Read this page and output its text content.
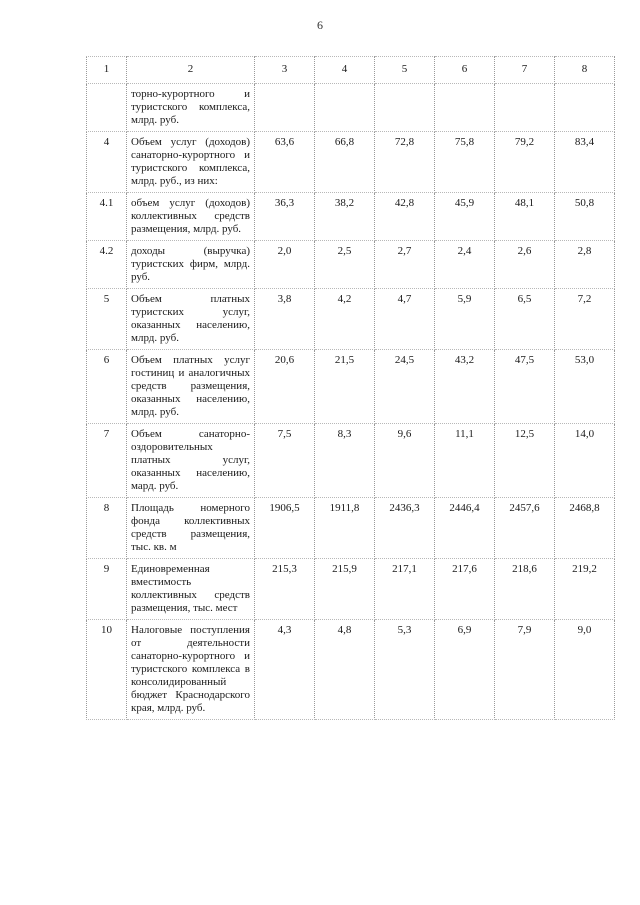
6
1	2	3	4	5	6	7	8
	торно-курортного и туристского комплекса, млрд. руб.						
4	Объем услуг (доходов) санаторно-курортного и туристского комплекса, млрд. руб., из них:	63,6	66,8	72,8	75,8	79,2	83,4
4.1	объем услуг (доходов) коллективных средств размещения, млрд. руб.	36,3	38,2	42,8	45,9	48,1	50,8
4.2	доходы (выручка) туристских фирм, млрд. руб.	2,0	2,5	2,7	2,4	2,6	2,8
5	Объем платных туристских услуг, оказанных населению, млрд. руб.	3,8	4,2	4,7	5,9	6,5	7,2
6	Объем платных услуг гостиниц и аналогичных средств размещения, оказанных населению, млрд. руб.	20,6	21,5	24,5	43,2	47,5	53,0
7	Объем санаторно-оздоровительных платных услуг, оказанных населению, мард. руб.	7,5	8,3	9,6	11,1	12,5	14,0
8	Площадь номерного фонда коллективных средств размещения, тыс. кв. м	1906,5	1911,8	2436,3	2446,4	2457,6	2468,8
9	Единовременная вместимость коллективных средств размещения, тыс. мест	215,3	215,9	217,1	217,6	218,6	219,2
10	Налоговые поступления от деятельности санаторно-курортного и туристского комплекса в консолидированный бюджет Краснодарского края, млрд. руб.	4,3	4,8	5,3	6,9	7,9	9,0
